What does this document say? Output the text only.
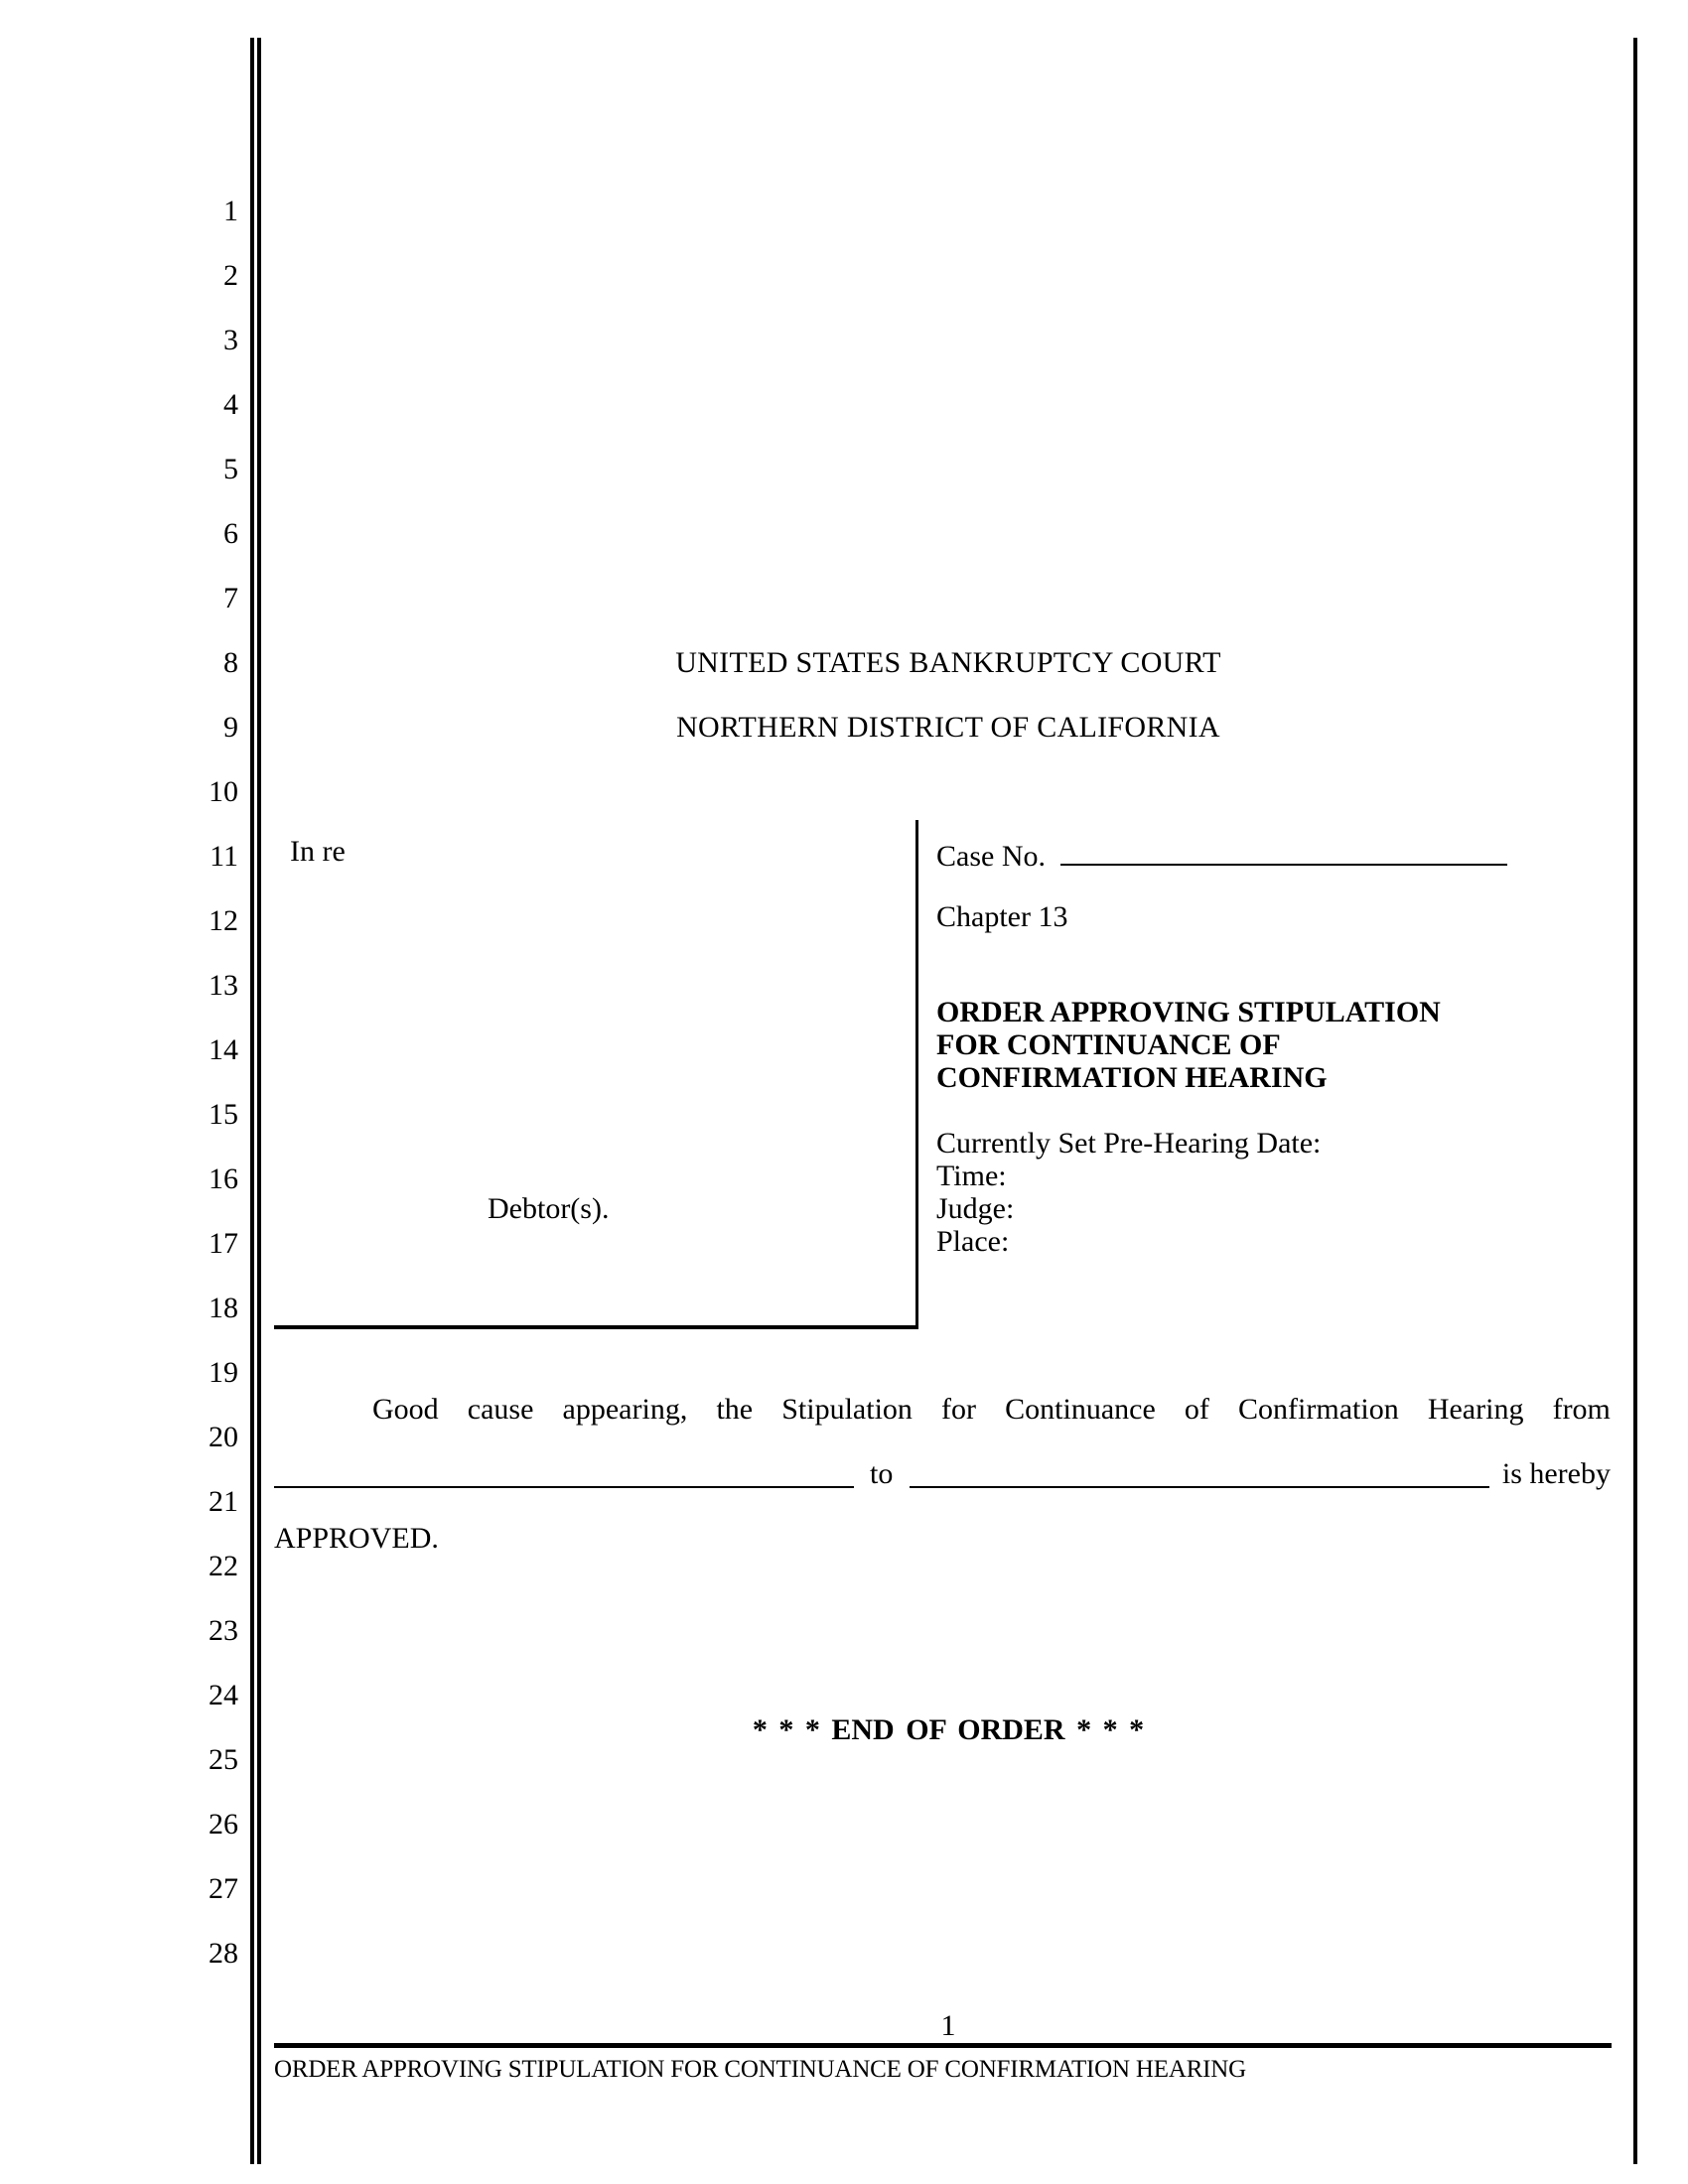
1
2
3
4
5
6
7
8
9
10
11
12
13
14
15
16
17
18
19
20
21
22
23
24
25
26
27
28
UNITED STATES BANKRUPTCY COURT
NORTHERN DISTRICT OF CALIFORNIA
In re
Debtor(s).
Case No.
Chapter 13
ORDER APPROVING STIPULATION
FOR CONTINUANCE OF
CONFIRMATION HEARING
Currently Set Pre-Hearing Date:
Time:
Judge:
Place:
Good cause appearing, the Stipulation for Continuance of Confirmation Hearing from
to	is hereby
APPROVED.
* * * END OF ORDER * * *
1
ORDER APPROVING STIPULATION FOR CONTINUANCE OF CONFIRMATION HEARING
